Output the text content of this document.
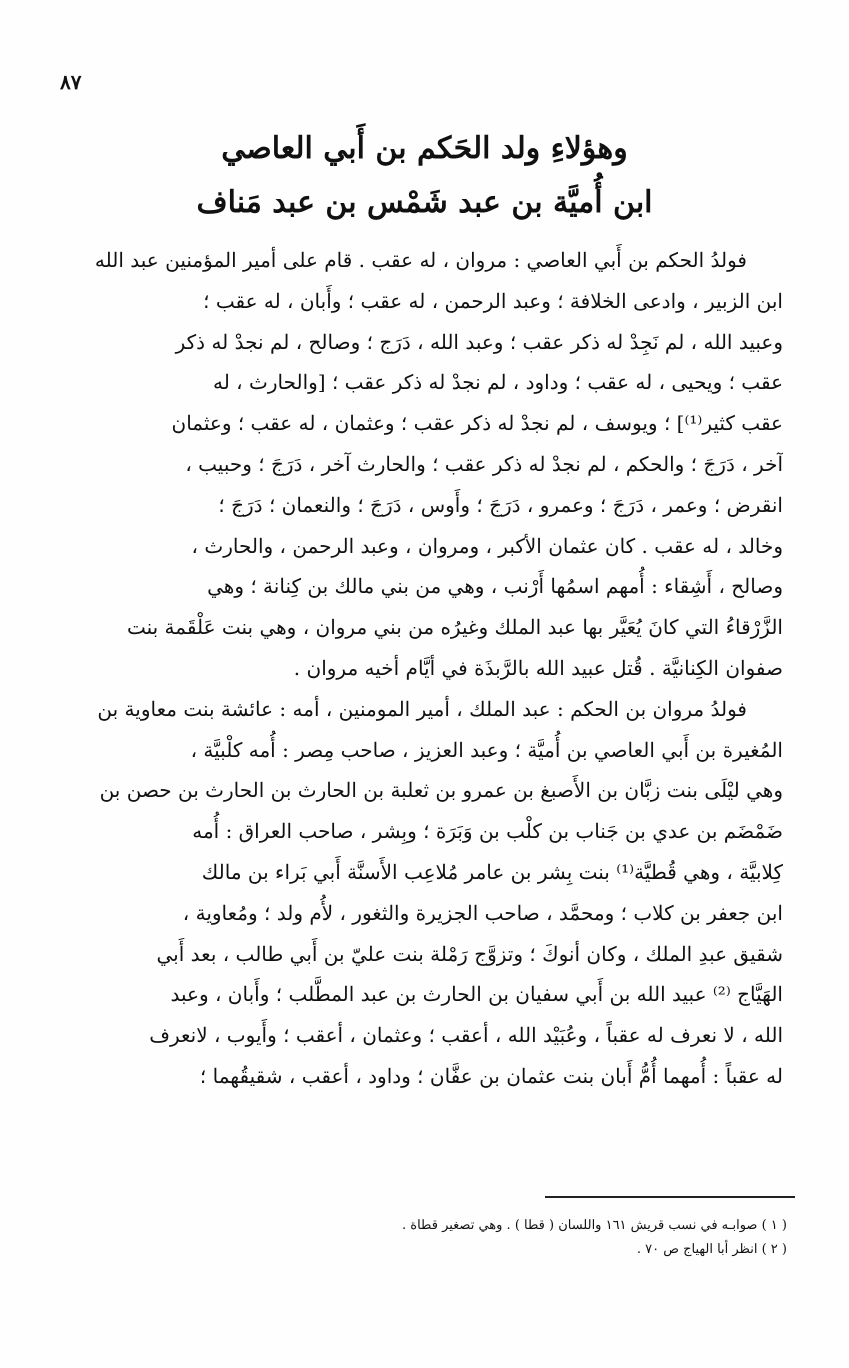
٨٧
وهؤلاءِ ولد الحَكم بن أَبي العاصي
ابن أُميَّة بن عبد شَمْس بن عبد مَناف
فولدُ الحكم بن أَبي العاصي : مروان ، له عقب . قام على أمير المؤمنين عبد الله
ابن الزبير ، وادعى الخلافة ؛ وعبد الرحمن ، له عقب ؛ وأَبان ، له عقب ؛
وعبيد الله ، لم نَجِدْ له ذكر عقب ؛ وعبد الله ، دَرَج ؛ وصالح ، لم نجدْ له ذكر
عقب ؛ ويحيى ، له عقب ؛ وداود ، لم نجدْ له ذكر عقب ؛ [والحارث ، له
عقب كثير⁽¹⁾] ؛ ويوسف ، لم نجدْ له ذكر عقب ؛ وعثمان ، له عقب ؛ وعثمان
آخر ، دَرَجَ ؛ والحكم ، لم نجدْ له ذكر عقب ؛ والحارث آخر ، دَرَجَ ؛ وحبيب ،
انقرض ؛ وعمر ، دَرَجَ ؛ وعمرو ، دَرَجَ ؛ وأَوس ، دَرَجَ ؛ والنعمان ؛ دَرَجَ ؛
وخالد ، له عقب . كان عثمان الأكبر ، ومروان ، وعبد الرحمن ، والحارث ،
وصالح ، أَشِقاء : أُمهم اسمُها أَرْنب ، وهي من بني مالك بن كِنانة ؛ وهي
الزَّرْقاءُ التي كانَ يُعَيَّر بها عبد الملك وغيرُه من بني مروان ، وهي بنت عَلْقَمة بنت
صفوان الكِنانيَّة . قُتل عبيد الله بالرَّبذَة في أيَّام أخيه مروان .
فولدُ مروان بن الحكم : عبد الملك ، أمير المومنين ، أمه : عائشة بنت معاوية بن
المُغيرة بن أَبي العاصي بن أُميَّة ؛ وعبد العزيز ، صاحب مِصر : أُمه كلْبيَّة ،
وهي ليْلَى بنت زبَّان بن الأَصبغ بن عمرو بن ثعلبة بن الحارث بن الحارث بن حصن بن
ضَمْضَم بن عدي بن جَناب بن كلْب بن وَبَرَة ؛ وبِشر ، صاحب العراق : أُمه
كِلابيَّة ، وهي قُطيَّة⁽¹⁾ بنت بِشر بن عامر مُلاعِب الأَسنَّة أَبي بَراء بن مالك
ابن جعفر بن كلاب ؛ ومحمَّد ، صاحب الجزيرة والثغور ، لأُم ولد ؛ ومُعاوية ،
شقيق عبدِ الملك ، وكان أنوكَ ؛ وتزوَّج رَمْلة بنت عليّ بن أَبي طالب ، بعد أَبي
الهَيَّاج ⁽²⁾ عبيد الله بن أَبي سفيان بن الحارث بن عبد المطَّلب ؛ وأَبان ، وعبد
الله ، لا نعرف له عقباً ، وعُبَيْد الله ، أعقب ؛ وعثمان ، أعقب ؛ وأَيوب ، لانعرف
له عقباً : أُمهما أُمُّ أَبان بنت عثمان بن عفَّان ؛ وداود ، أعقب ، شقيقُهما ؛
( ١ ) صوابـه في نسب قريش ١٦١ واللسان ( قطا ) . وهي تصغير قطاة .
( ٢ ) انظر أبا الهياج ص ٧٠ .
